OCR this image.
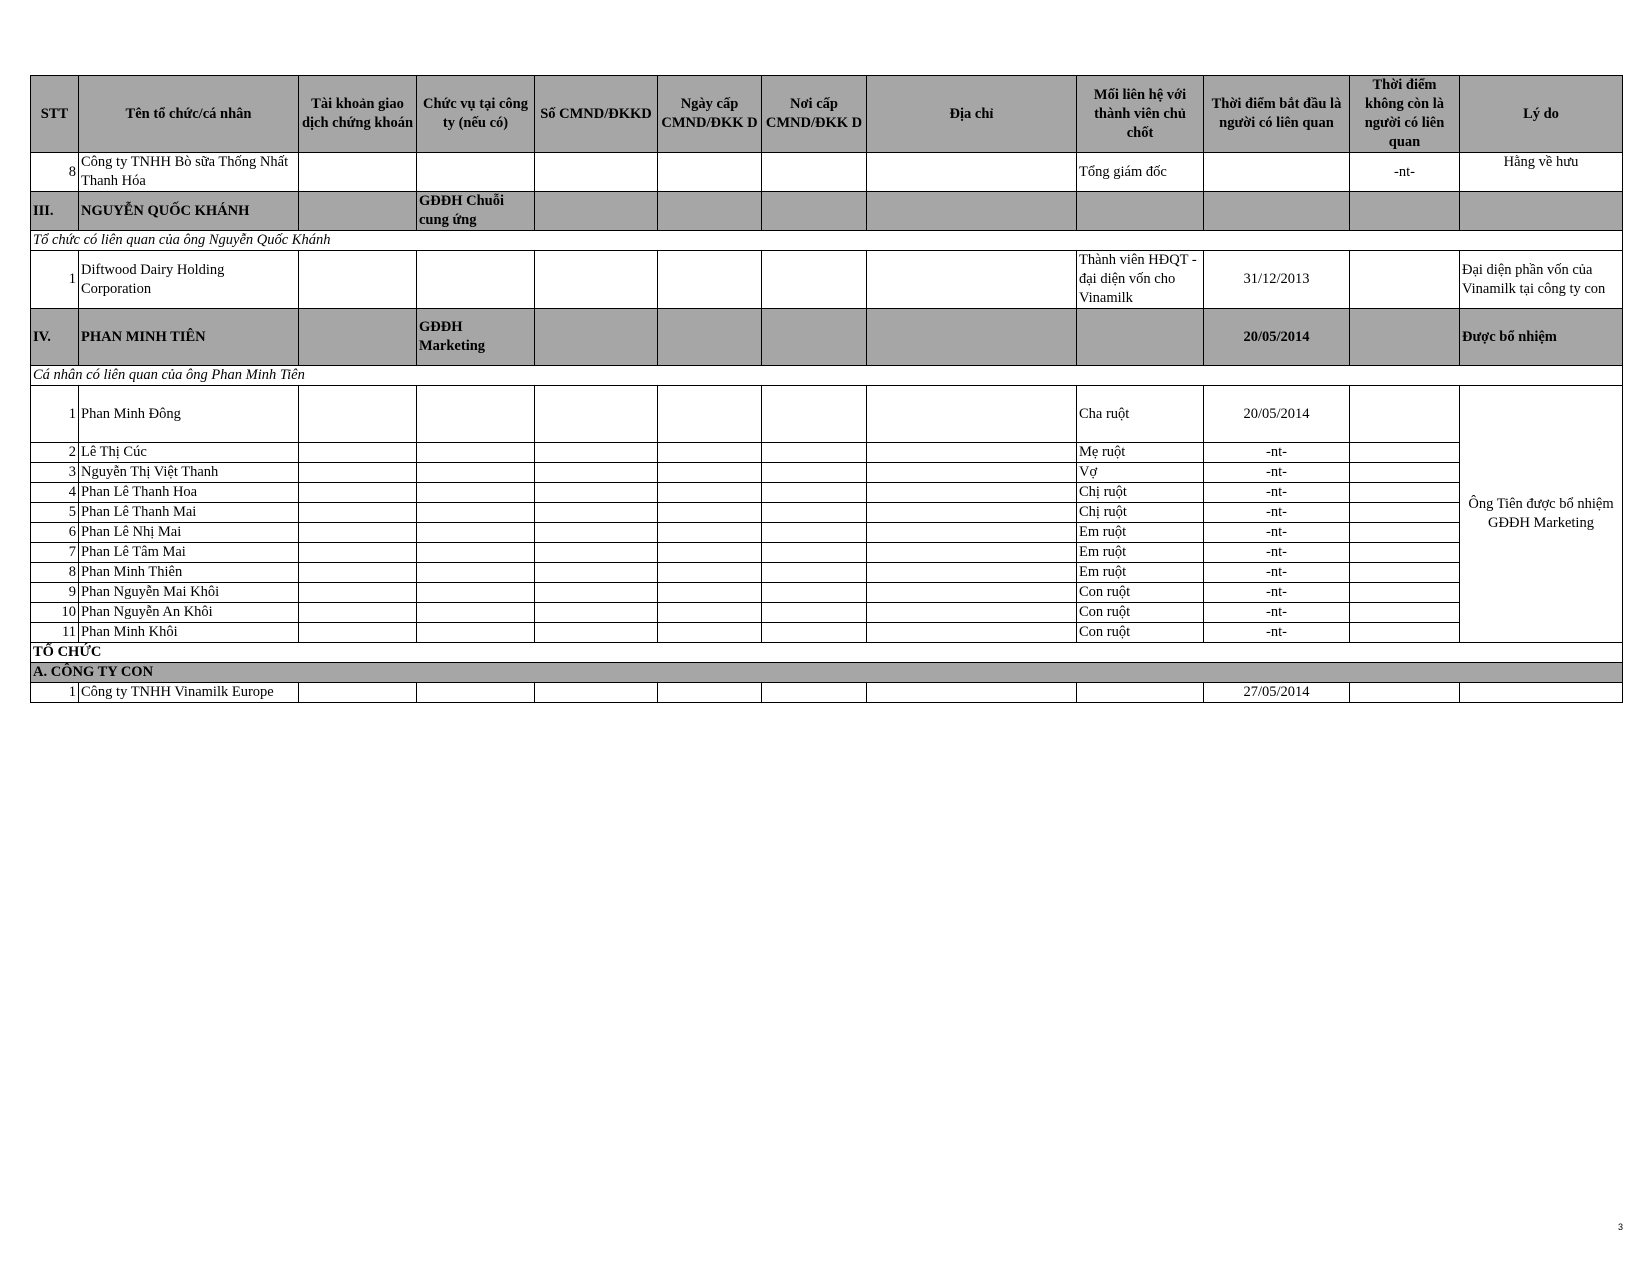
STT	Tên tổ chức/cá nhân	Tài khoản giao dịch chứng khoán	Chức vụ tại công ty (nếu có)	Số CMND/ĐKKD	Ngày cấp CMND/ĐKK D	Nơi cấp CMND/ĐKK D	Địa chỉ	Mối liên hệ với thành viên chủ chốt	Thời điểm bắt đầu là người có liên quan	Thời điểm không còn là người có liên quan	Lý do
8	Công ty TNHH Bò sữa Thống Nhất Thanh Hóa							Tổng giám đốc		-nt-	Hằng về hưu
III.	NGUYỄN QUỐC KHÁNH		GĐĐH Chuỗi cung ứng								
Tổ chức có liên quan của ông Nguyễn Quốc Khánh											
1	Diftwood Dairy Holding Corporation							Thành viên HĐQT - đại diện vốn cho Vinamilk	31/12/2013		Đại diện phần vốn của Vinamilk tại công ty con
IV.	PHAN MINH TIÊN		GĐĐH Marketing						20/05/2014		Được bổ nhiệm
Cá nhân có liên quan của ông Phan Minh Tiên											
1	Phan Minh Đông							Cha ruột	20/05/2014		Ông Tiên được bổ nhiệm GĐĐH Marketing
2	Lê Thị Cúc							Mẹ ruột	-nt-		
3	Nguyễn Thị Việt Thanh							Vợ	-nt-		
4	Phan Lê Thanh Hoa							Chị ruột	-nt-		
5	Phan Lê Thanh Mai							Chị ruột	-nt-		
6	Phan Lê Nhị Mai							Em ruột	-nt-		
7	Phan Lê Tâm Mai							Em ruột	-nt-		
8	Phan Minh Thiên							Em ruột	-nt-		
9	Phan Nguyễn Mai Khôi							Con ruột	-nt-		
10	Phan Nguyễn An Khôi							Con ruột	-nt-		
11	Phan Minh Khôi							Con ruột	-nt-		
TỔ CHỨC											
A. CÔNG TY CON											
1	Công ty TNHH Vinamilk Europe								27/05/2014		
3
